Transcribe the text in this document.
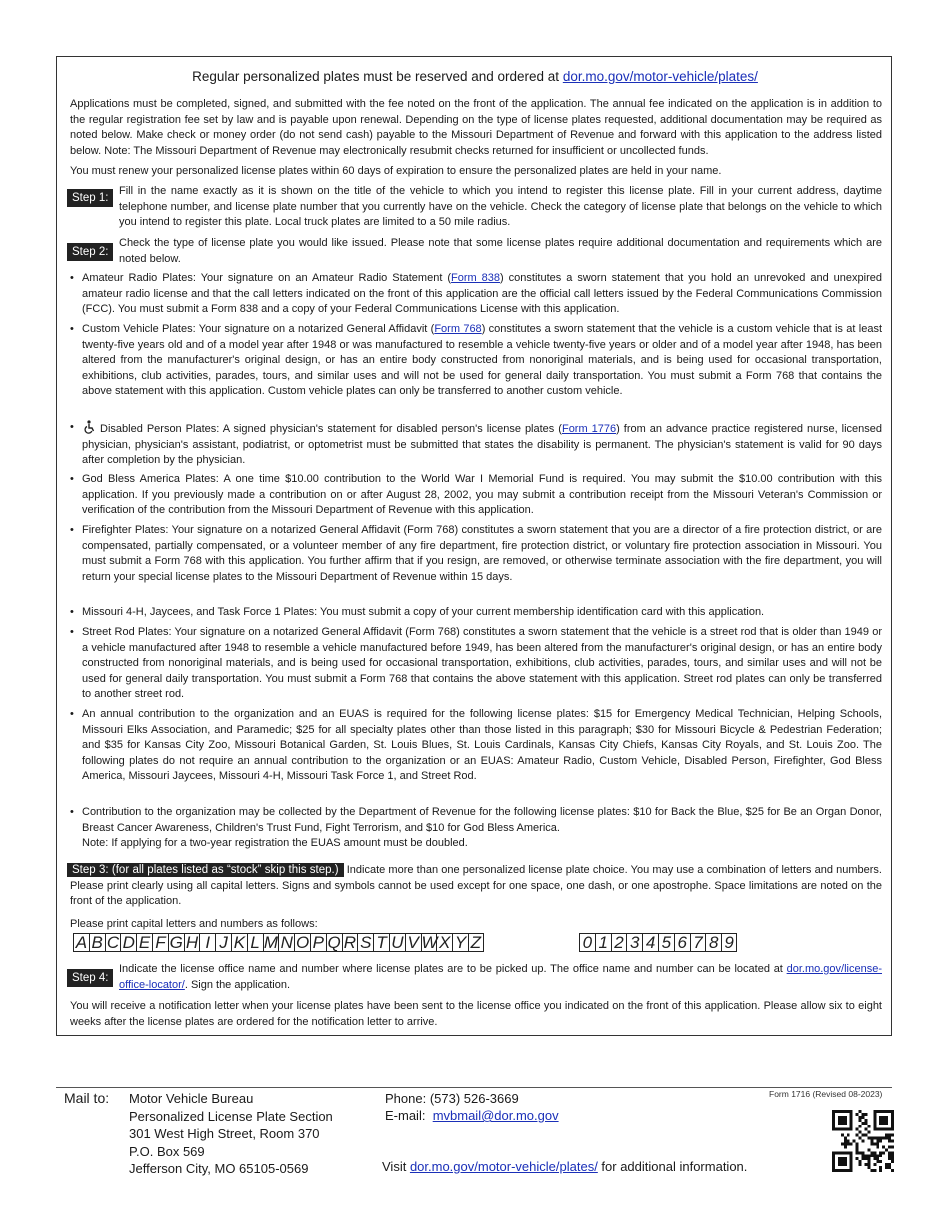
Regular personalized plates must be reserved and ordered at dor.mo.gov/motor-vehicle/plates/

Applications must be completed, signed, and submitted with the fee noted on the front of the application. The annual fee indicated on the application is in addition to the regular registration fee set by law and is payable upon renewal. Depending on the type of license plates requested, additional documentation may be required as noted below. Make check or money order (do not send cash) payable to the Missouri Department of Revenue and forward with this application to the address listed below. Note: The Missouri Department of Revenue may electronically resubmit checks returned for insufficient or uncollected funds.

You must renew your personalized license plates within 60 days of expiration to ensure the personalized plates are held in your name.

Step 1:

Fill in the name exactly as it is shown on the title of the vehicle to which you intend to register this license plate. Fill in your current address, daytime telephone number, and license plate number that you currently have on the vehicle. Check the category of license plate that belongs on the vehicle to which you intend to register this plate. Local truck plates are limited to a 50 mile radius.

Step 2:

Check the type of license plate you would like issued. Please note that some license plates require additional documentation and requirements which are noted below.

• Amateur Radio Plates: Your signature on an Amateur Radio Statement (Form 838) constitutes a sworn statement that you hold an unrevoked and unexpired amateur radio license and that the call letters indicated on the front of this application are the official call letters issued by the Federal Communications Commission (FCC). You must submit a Form 838 and a copy of your Federal Communications License with this application.
• Custom Vehicle Plates: Your signature on a notarized General Affidavit (Form 768) constitutes a sworn statement that the vehicle is a custom vehicle that is at least twenty-five years old and of a model year after 1948 or was manufactured to resemble a vehicle twenty-five years or older and of a model year after 1948, has been altered from the manufacturer's original design, or has an entire body constructed from nonoriginal materials, and is being used for occasional transportation, exhibitions, club activities, parades, tours, and similar uses and will not be used for general daily transportation. You must submit a Form 768 that contains the above statement with this application. Custom vehicle plates can only be transferred to another custom vehicle.
•	Disabled Person Plates: A signed physician's statement for disabled person's license plates (Form 1776) from an advance practice registered nurse, licensed physician, physician's assistant, podiatrist, or optometrist must be submitted that states the disability is permanent. The physician's statement is valid for 90 days after completion by the physician.
• God Bless America Plates: A one time $10.00 contribution to the World War I Memorial Fund is required. You may submit the $10.00 contribution with this application. If you previously made a contribution on or after August 28, 2002, you may submit a contribution receipt from the Missouri Veteran's Commission or verification of the contribution from the Missouri Department of Revenue with this application.
• Firefighter Plates: Your signature on a notarized General Affidavit (Form 768) constitutes a sworn statement that you are a director of a fire protection district, or are compensated, partially compensated, or a volunteer member of any fire department, fire protection district, or voluntary fire protection association in Missouri. You must submit a Form 768 with this application. You further affirm that if you resign, are removed, or otherwise terminate association with the fire department, you will return your special license plates to the Missouri Department of Revenue within 15 days.
• Missouri 4-H, Jaycees, and Task Force 1 Plates: You must submit a copy of your current membership identification card with this application.
• Street Rod Plates: Your signature on a notarized General Affidavit (Form 768) constitutes a sworn statement that the vehicle is a street rod that is older than 1949 or a vehicle manufactured after 1948 to resemble a vehicle manufactured before 1949, has been altered from the manufacturer's original design, or has an entire body constructed from nonoriginal materials, and is being used for occasional transportation, exhibitions, club activities, parades, tours, and similar uses and will not be used for general daily transportation. You must submit a Form 768 that contains the above statement with this application. Street rod plates can only be transferred to another street rod.
• An annual contribution to the organization and an EUAS is required for the following license plates: $15 for Emergency Medical Technician, Helping Schools, Missouri Elks Association, and Paramedic; $25 for all specialty plates other than those listed in this paragraph; $30 for Missouri Bicycle & Pedestrian Federation; and $35 for Kansas City Zoo, Missouri Botanical Garden, St. Louis Blues, St. Louis Cardinals, Kansas City Chiefs, Kansas City Royals, and St. Louis Zoo. The following plates do not require an annual contribution to the organization or an EUAS: Amateur Radio, Custom Vehicle, Disabled Person, Firefighter, God Bless America, Missouri Jaycees, Missouri 4-H, Missouri Task Force 1, and Street Rod.
• Contribution to the organization may be collected by the Department of Revenue for the following license plates: $10 for Back the Blue, $25 for Be an Organ Donor, Breast Cancer Awareness, Children's Trust Fund, Fight Terrorism, and $10 for God Bless America.
Note: If applying for a two-year registration the EUAS amount must be doubled.
Step 3: (for all plates listed as “stock” skip this step.) Indicate more than one personalized license plate choice. You may use a combination of letters and numbers. Please print clearly using all capital letters. Signs and symbols cannot be used except for one space, one dash, or one apostrophe. Space limitations are noted on the front of the application.

Please print capital letters and numbers as follows:

A B C D E F G H I J K L M N O P Q R S T U V W X Y Z	0 1 2 3 4 5 6 7 8 9
Step 4:

Indicate the license office name and number where license plates are to be picked up. The office name and number can be located at dor.mo.gov/license-office-locator/. Sign the application.

You will receive a notification letter when your license plates have been sent to the license office you indicated on the front of this application. Please allow six to eight weeks after the license plates are ordered for the notification letter to arrive.

Form 1716 (Revised 08-2023)
Mail to: Motor Vehicle Bureau
Personalized License Plate Section
301 West High Street, Room 370
P.O. Box 569
Jefferson City, MO 65105-0569
Phone: (573) 526-3669
E-mail: mvbmail@dor.mo.gov
Visit dor.mo.gov/motor-vehicle/plates/ for additional information.
